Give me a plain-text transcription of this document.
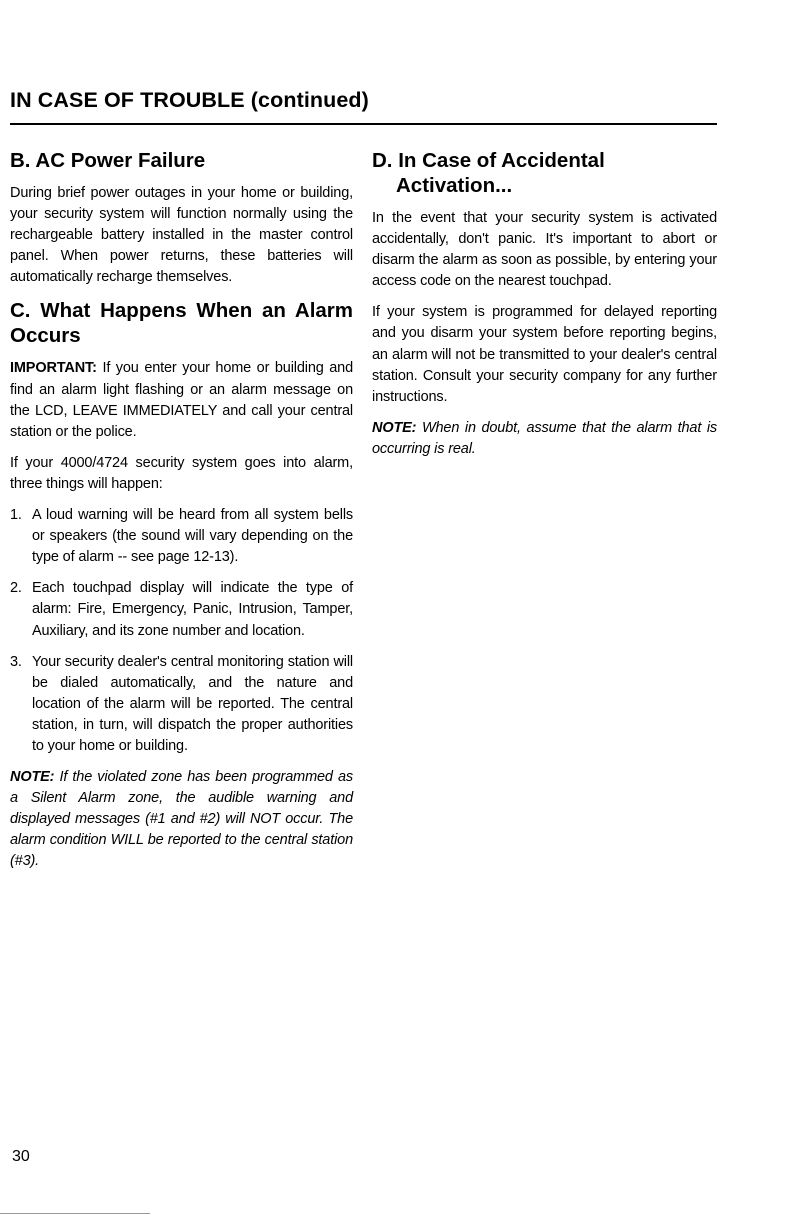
IN CASE OF TROUBLE (continued)
B. AC Power Failure

During brief power outages in your home or building, your security system will function normally using the rechargeable battery installed in the master control panel. When power returns, these batteries will automatically recharge themselves.

C. What Happens When an Alarm Occurs

IMPORTANT: If you enter your home or building and find an alarm light flashing or an alarm message on the LCD, LEAVE IMMEDIATELY and call your central station or the police.

If your 4000/4724 security system goes into alarm, three things will happen:

1. A loud warning will be heard from all system bells or speakers (the sound will vary depending on the type of alarm -- see page 12-13).
2. Each touchpad display will indicate the type of alarm: Fire, Emergency, Panic, Intrusion, Tamper, Auxiliary, and its zone number and location.
3. Your security dealer's central monitoring station will be dialed automatically, and the nature and location of the alarm will be reported. The central station, in turn, will dispatch the proper authorities to your home or building.

NOTE: If the violated zone has been programmed as a Silent Alarm zone, the audible warning and displayed messages (#1 and #2) will NOT occur. The alarm condition WILL be reported to the central station (#3).

D. In Case of Accidental Activation...

In the event that your security system is activated accidentally, don't panic. It's important to abort or disarm the alarm as soon as possible, by entering your access code on the nearest touchpad.

If your system is programmed for delayed reporting and you disarm your system before reporting begins, an alarm will not be transmitted to your dealer's central station. Consult your security company for any further instructions.

NOTE: When in doubt, assume that the alarm that is occurring is real.

30
